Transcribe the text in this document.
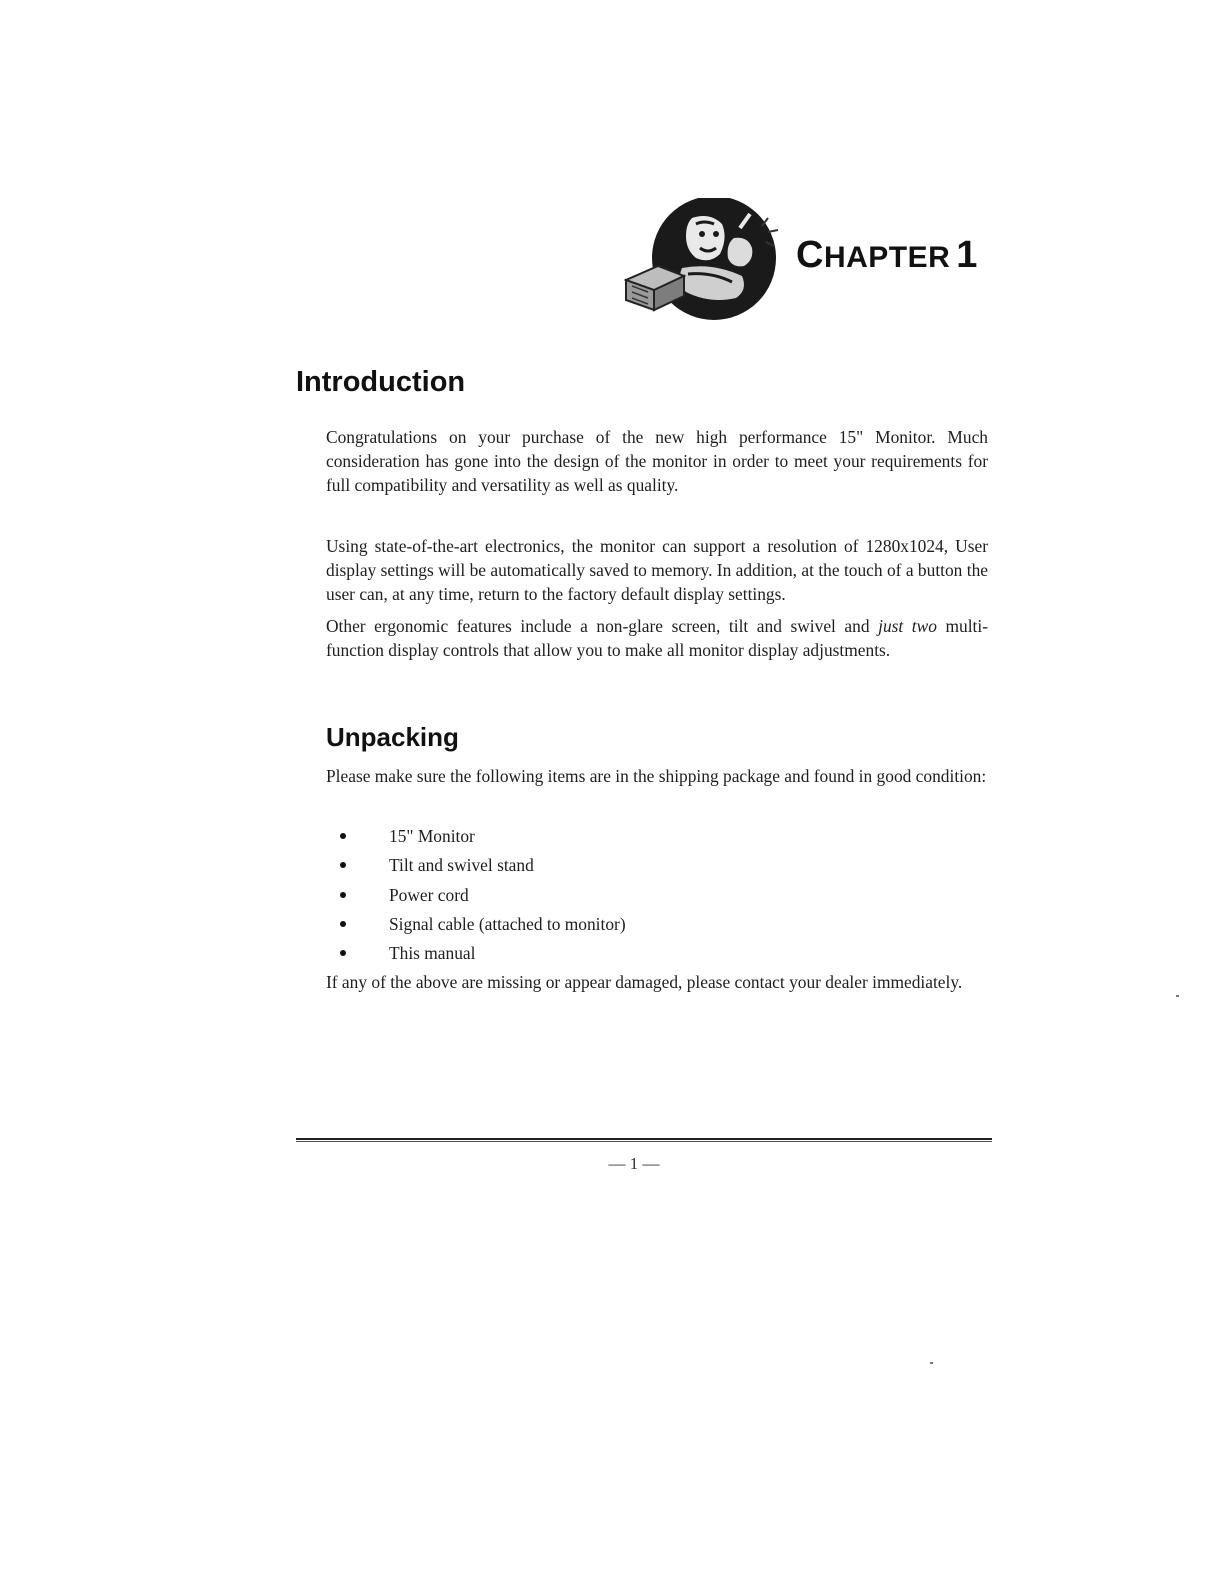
CHAPTER 1
Introduction

Congratulations on your purchase of the new high performance 15" Monitor. Much consideration has gone into the design of the monitor in order to meet your requirements for full compatibility and versatility as well as quality.

Using state-of-the-art electronics, the monitor can support a resolution of 1280x1024, User display settings will be automatically saved to memory. In addition, at the touch of a button the user can, at any time, return to the factory default display settings.

Other ergonomic features include a non-glare screen, tilt and swivel and just two multi-function display controls that allow you to make all monitor display adjustments.

Unpacking

Please make sure the following items are in the shipping package and found in good condition:

15" Monitor
Tilt and swivel stand
Power cord
Signal cable (attached to monitor)
This manual

If any of the above are missing or appear damaged, please contact your dealer immediately.

— 1 —
